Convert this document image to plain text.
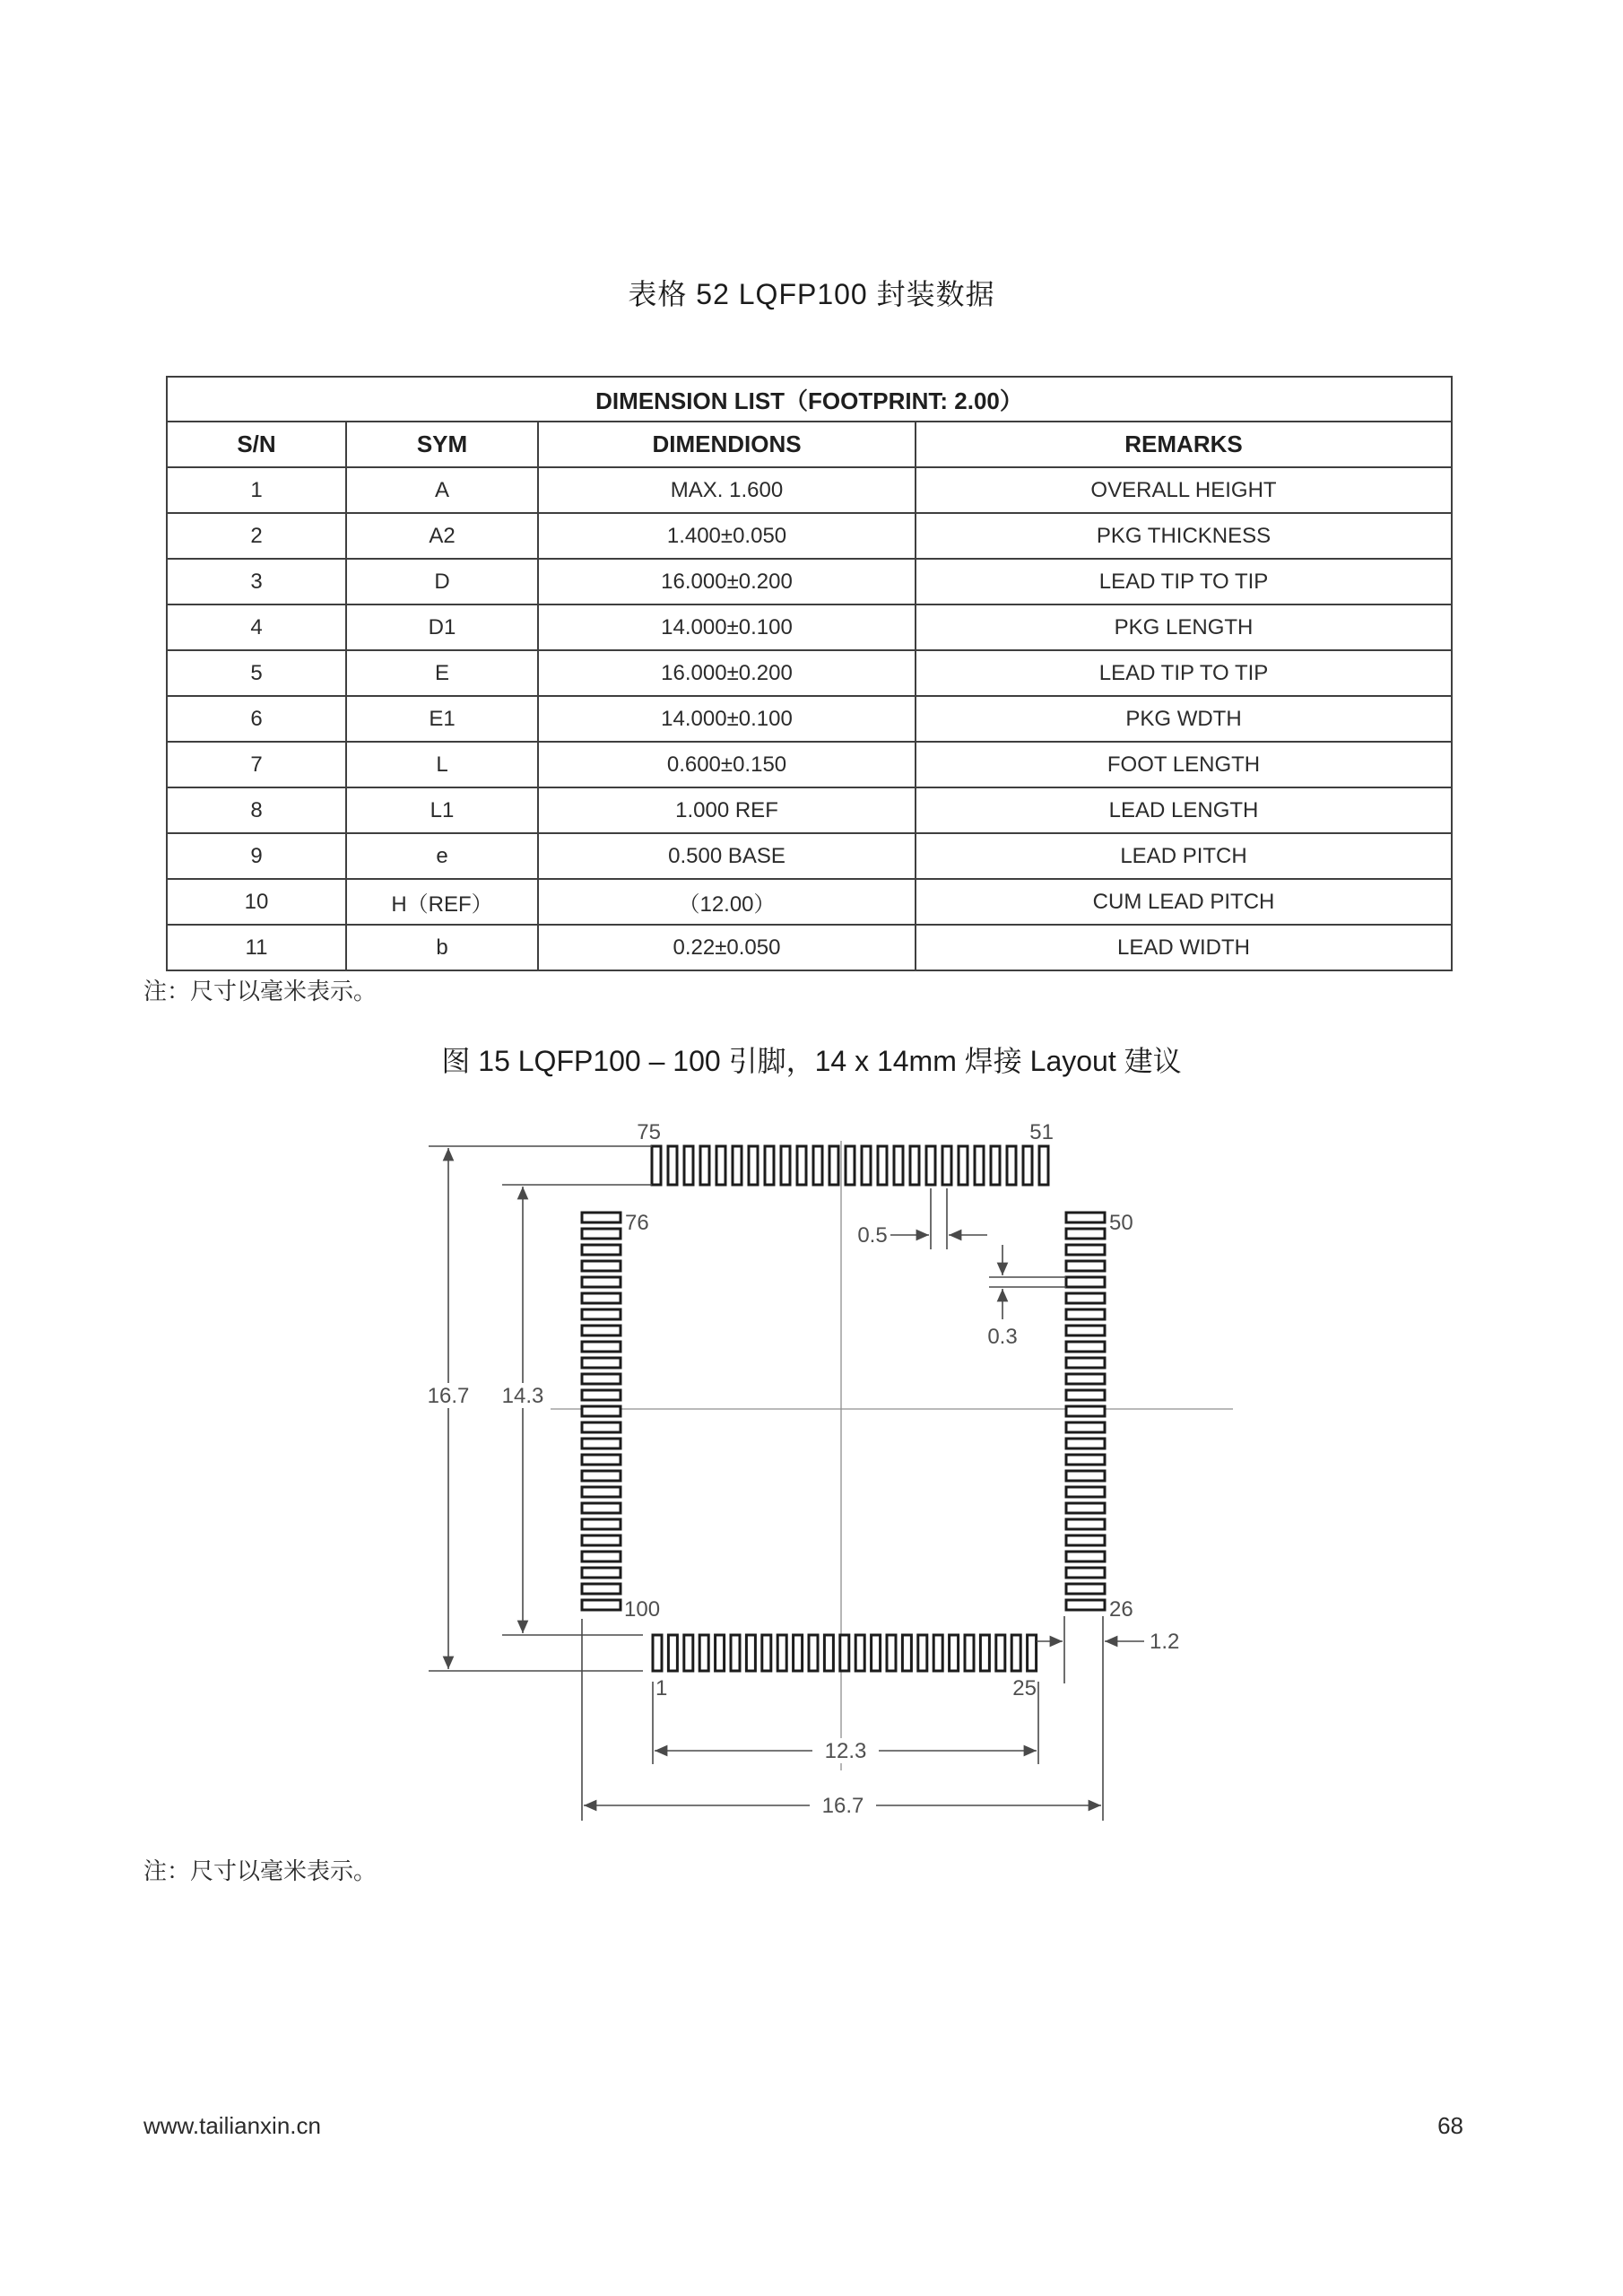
表格 52 LQFP100 封装数据
DIMENSION LIST（FOOTPRINT: 2.00）			
S/N	SYM	DIMENDIONS	REMARKS
1	A	MAX. 1.600	OVERALL HEIGHT
2	A2	1.400±0.050	PKG THICKNESS
3	D	16.000±0.200	LEAD TIP TO TIP
4	D1	14.000±0.100	PKG LENGTH
5	E	16.000±0.200	LEAD TIP TO TIP
6	E1	14.000±0.100	PKG WDTH
7	L	0.600±0.150	FOOT LENGTH
8	L1	1.000 REF	LEAD LENGTH
9	e	0.500 BASE	LEAD PITCH
10	H（REF）	（12.00）	CUM LEAD PITCH
11	b	0.22±0.050	LEAD WIDTH
注：尺寸以毫米表示。
图 15 LQFP100 – 100 引脚，14 x 14mm 焊接 Layout 建议
16.7 14.3
0.5
0.3
1.2
12.3
16.7
75	51
76
100
50
26
1	25
注：尺寸以毫米表示。
www.tailianxin.cn	68
